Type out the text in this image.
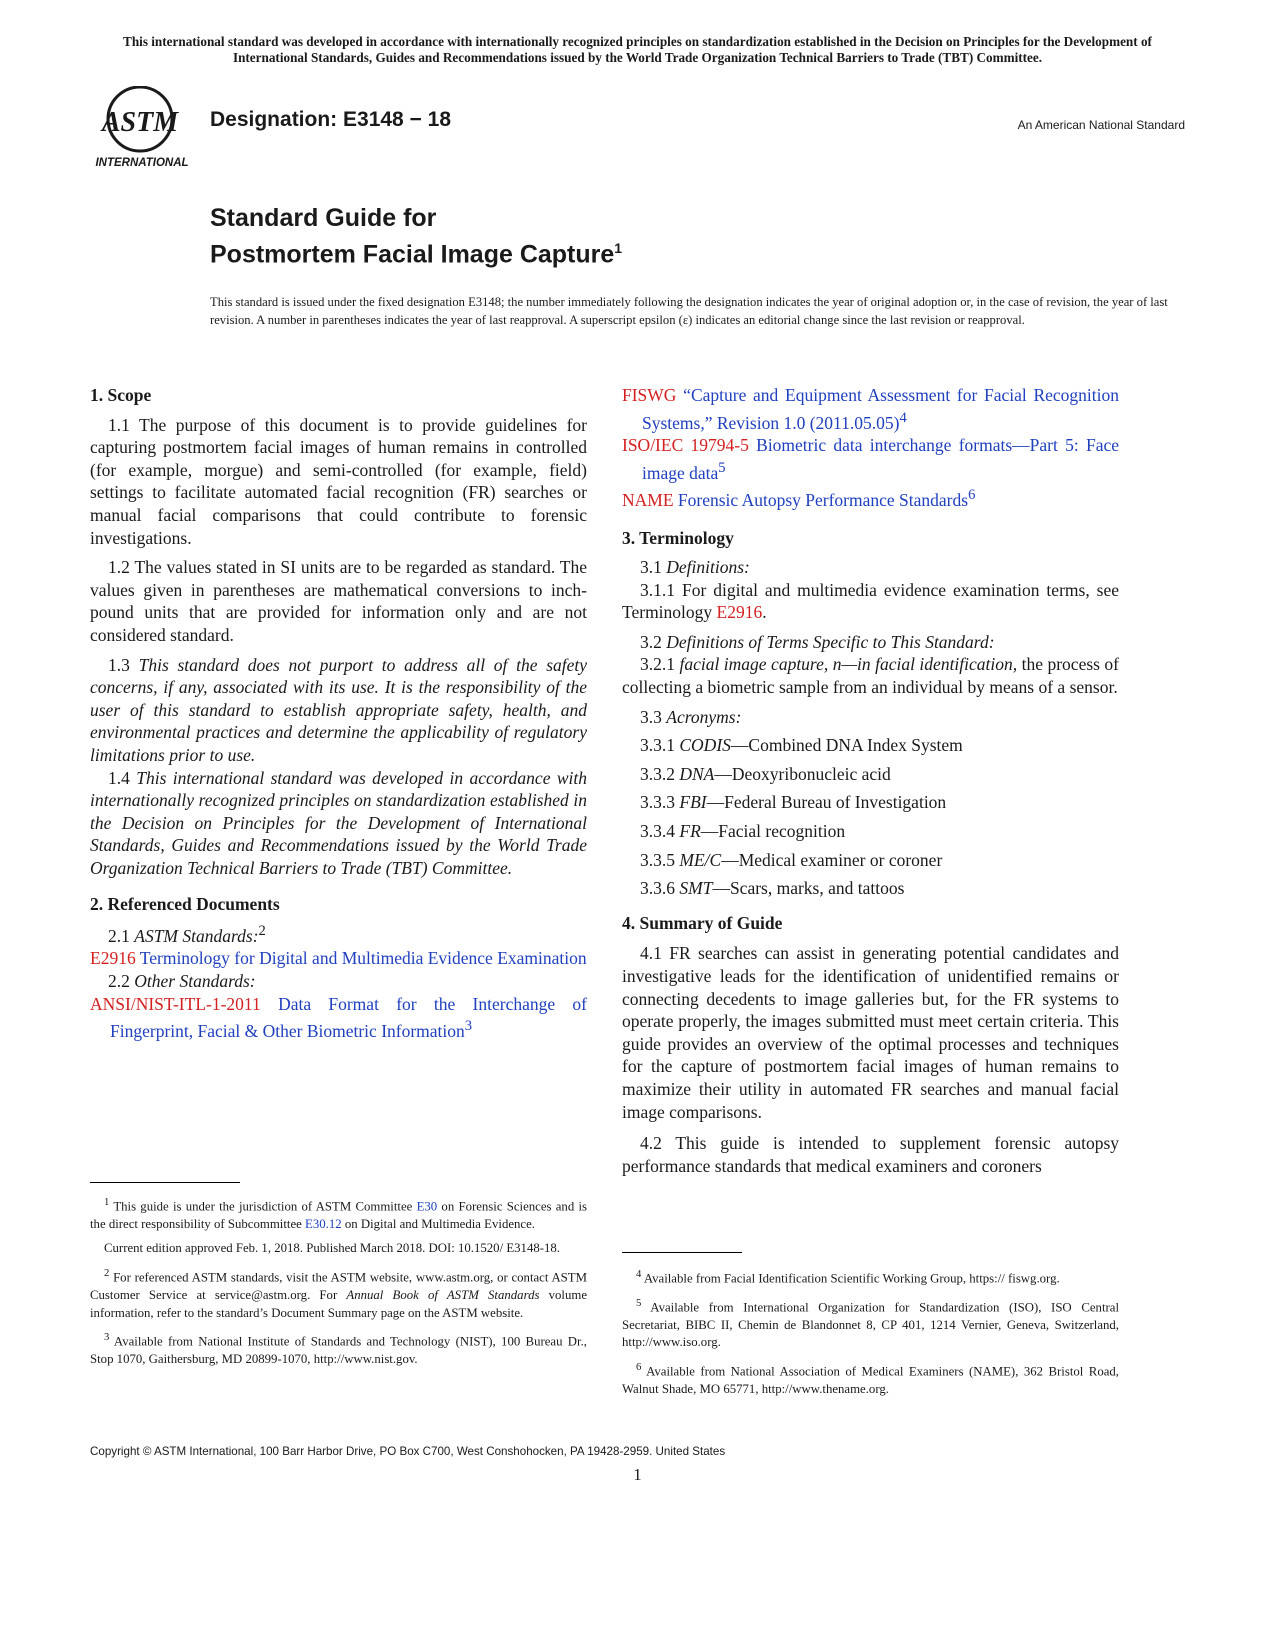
This international standard was developed in accordance with internationally recognized principles on standardization established in the Decision on Principles for the Development of International Standards, Guides and Recommendations issued by the World Trade Organization Technical Barriers to Trade (TBT) Committee.
ASTM
INTERNATIONAL
Designation: E3148 − 18	An American National Standard
Standard Guide for
Postmortem Facial Image Capture$^1$
This standard is issued under the fixed designation E3148; the number immediately following the designation indicates the year of original adoption or, in the case of revision, the year of last revision. A number in parentheses indicates the year of last reapproval. A superscript epsilon (ε) indicates an editorial change since the last revision or reapproval.
1. Scope

1.1 The purpose of this document is to provide guidelines for capturing postmortem facial images of human remains in controlled (for example, morgue) and semi-controlled (for example, field) settings to facilitate automated facial recognition (FR) searches or manual facial comparisons that could contribute to forensic investigations.

1.2 The values stated in SI units are to be regarded as standard. The values given in parentheses are mathematical conversions to inch-pound units that are provided for information only and are not considered standard.

1.3 This standard does not purport to address all of the safety concerns, if any, associated with its use. It is the responsibility of the user of this standard to establish appropriate safety, health, and environmental practices and determine the applicability of regulatory limitations prior to use.

1.4 This international standard was developed in accordance with internationally recognized principles on standardization established in the Decision on Principles for the Development of International Standards, Guides and Recommendations issued by the World Trade Organization Technical Barriers to Trade (TBT) Committee.

2. Referenced Documents
2.1 ASTM Standards:$^2$
E2916 Terminology for Digital and Multimedia Evidence Examination
2.2 Other Standards:
ANSI/NIST-ITL-1-2011 Data Format for the Interchange of Fingerprint, Facial & Other Biometric Information$^3$

$^1$ This guide is under the jurisdiction of ASTM Committee E30 on Forensic Sciences and is the direct responsibility of Subcommittee E30.12 on Digital and Multimedia Evidence.

Current edition approved Feb. 1, 2018. Published March 2018. DOI: 10.1520/ E3148-18.

$^2$ For referenced ASTM standards, visit the ASTM website, www.astm.org, or contact ASTM Customer Service at service@astm.org. For Annual Book of ASTM Standards volume information, refer to the standard’s Document Summary page on the ASTM website.

$^3$ Available from National Institute of Standards and Technology (NIST), 100 Bureau Dr., Stop 1070, Gaithersburg, MD 20899-1070, http://www.nist.gov.

FISWG “Capture and Equipment Assessment for Facial Recognition Systems,” Revision 1.0 (2011.05.05)$^4$
ISO/IEC 19794-5 Biometric data interchange formats—Part 5: Face image data$^5$
NAME Forensic Autopsy Performance Standards$^6$
3. Terminology
3.1 Definitions:

3.1.1 For digital and multimedia evidence examination terms, see Terminology E2916.

3.2 Definitions of Terms Specific to This Standard:

3.2.1 facial image capture, n—in facial identification, the process of collecting a biometric sample from an individual by means of a sensor.

3.3 Acronyms:

3.3.1 CODIS—Combined DNA Index System
3.3.2 DNA—Deoxyribonucleic acid
3.3.3 FBI—Federal Bureau of Investigation
3.3.4 FR—Facial recognition
3.3.5 ME/C—Medical examiner or coroner
3.3.6 SMT—Scars, marks, and tattoos
4. Summary of Guide

4.1 FR searches can assist in generating potential candidates and investigative leads for the identification of unidentified remains or connecting decedents to image galleries but, for the FR systems to operate properly, the images submitted must meet certain criteria. This guide provides an overview of the optimal processes and techniques for the capture of postmortem facial images of human remains to maximize their utility in automated FR searches and manual facial image comparisons.

4.2 This guide is intended to supplement forensic autopsy performance standards that medical examiners and coroners

$^4$ Available from Facial Identification Scientific Working Group, https:// fiswg.org.

$^5$ Available from International Organization for Standardization (ISO), ISO Central Secretariat, BIBC II, Chemin de Blandonnet 8, CP 401, 1214 Vernier, Geneva, Switzerland, http://www.iso.org.

$^6$ Available from National Association of Medical Examiners (NAME), 362 Bristol Road, Walnut Shade, MO 65771, http://www.thename.org.

Copyright © ASTM International, 100 Barr Harbor Drive, PO Box C700, West Conshohocken, PA 19428-2959. United States
1
